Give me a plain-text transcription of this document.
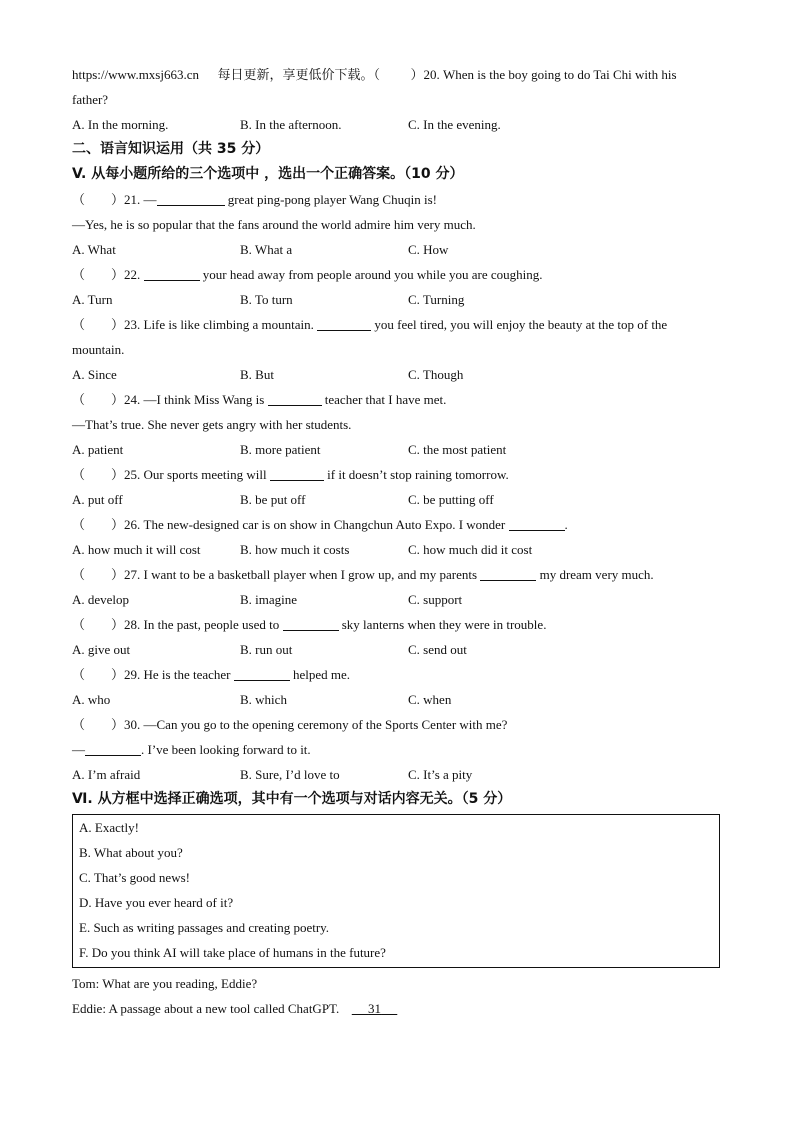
https://www.mxsj663.cn 每日更新，享更低价下载。（ ）20. When is the boy going to do Tai Chi with his
father?
A. In the morning.	B. In the afternoon.	C. In the evening.
二、语言知识运用（共 35 分）
V. 从每小题所给的三个选项中 ，选出一个正确答案。（10 分）
（　　）21. —	great ping-pong player Wang Chuqin is!
—Yes, he is so popular that the fans around the world admire him very much.
A. What	B. What a	C. How
（　　）22.	your head away from people around you while you are coughing.
A. Turn	B. To turn	C. Turning
（　　）23. Life is like climbing a mountain.	you feel tired, you will enjoy the beauty at the top of the
mountain.
A. Since	B. But	C. Though
（　　）24. —I think Miss Wang is	teacher that I have met.
—That’s true. She never gets angry with her students.
A. patient	B. more patient	C. the most patient
（　　）25. Our sports meeting will	if it doesn’t stop raining tomorrow.
A. put off	B. be put off	C. be putting off
（　　）26. The new-designed car is on show in Changchun Auto Expo. I wonder	.
A. how much it will cost	B. how much it costs	C. how much did it cost
（　　）27. I want to be a basketball player when I grow up, and my parents	my dream very much.
A. develop	B. imagine	C. support
（　　）28. In the past, people used to	sky lanterns when they were in trouble.
A. give out	B. run out	C. send out
（　　）29. He is the teacher	helped me.
A. who	B. which	C. when
（　　）30. —Can you go to the opening ceremony of the Sports Center with me?
—	. I’ve been looking forward to it.
A. I’m afraid	B. Sure, I’d love to	C. It’s a pity
Ⅵ. 从方框中选择正确选项，其中有一个选项与对话内容无关。（5 分）
A. Exactly!
B. What about you?
C. That’s good news!
D. Have you ever heard of it?
E. Such as writing passages and creating poetry.
F. Do you think AI will take place of humans in the future?
Tom: What are you reading, Eddie?
Eddie: A passage about a new tool called ChatGPT. 31
